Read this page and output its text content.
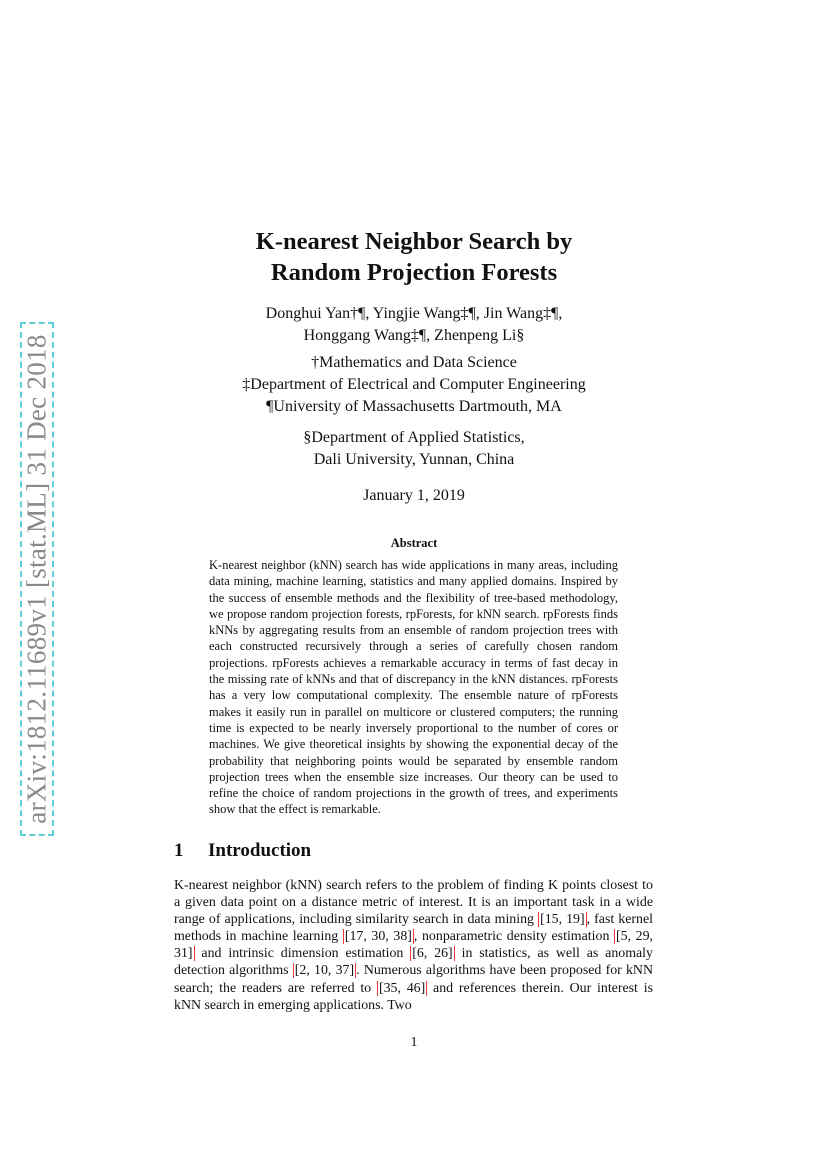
arXiv:1812.11689v1 [stat.ML] 31 Dec 2018
K-nearest Neighbor Search by
Random Projection Forests
Donghui Yan†¶, Yingjie Wang‡¶, Jin Wang‡¶,
Honggang Wang‡¶, Zhenpeng Li§
†Mathematics and Data Science
‡Department of Electrical and Computer Engineering
¶University of Massachusetts Dartmouth, MA
§Department of Applied Statistics,
Dali University, Yunnan, China
January 1, 2019
Abstract
K-nearest neighbor (kNN) search has wide applications in many areas, including data mining, machine learning, statistics and many applied domains. Inspired by the success of ensemble methods and the flexibility of tree-based methodology, we propose random projection forests, rpForests, for kNN search. rpForests finds kNNs by aggregating results from an ensemble of random projection trees with each constructed recursively through a series of carefully chosen random projections. rpForests achieves a remarkable accuracy in terms of fast decay in the missing rate of kNNs and that of discrepancy in the kNN distances. rpForests has a very low computational complexity. The ensemble nature of rpForests makes it easily run in parallel on multicore or clustered computers; the running time is expected to be nearly inversely proportional to the number of cores or machines. We give theoretical insights by showing the exponential decay of the probability that neighboring points would be separated by ensemble random projection trees when the ensemble size increases. Our theory can be used to refine the choice of random projections in the growth of trees, and experiments show that the effect is remarkable.
1 Introduction
K-nearest neighbor (kNN) search refers to the problem of finding K points closest to a given data point on a distance metric of interest. It is an important task in a wide range of applications, including similarity search in data mining [15, 19] , fast kernel methods in machine learning [17, 30, 38] , nonparametric density estimation [5, 29, 31] and intrinsic dimension estimation [6, 26] in statistics, as well as anomaly detection algorithms [2, 10, 37] . Numerous algorithms have been proposed for kNN search; the readers are referred to [35, 46] and references therein. Our interest is kNN search in emerging applications. Two
1
